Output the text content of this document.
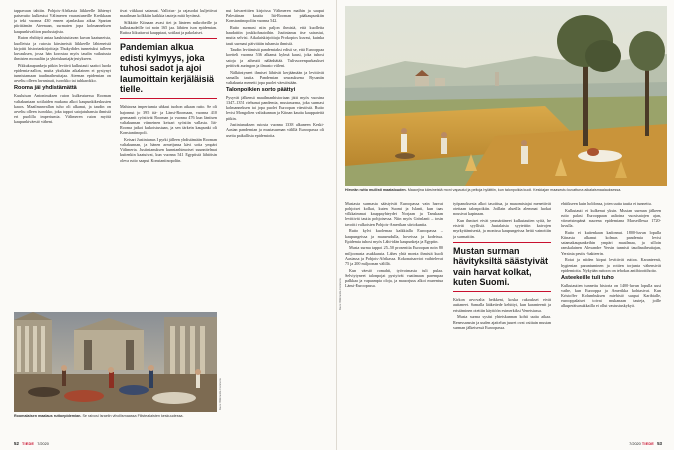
tappavaan tahtiin. Pohjois-Afrikasta liikkeelle lähtenyt paiserutto kulkeutui Välimeren vaurastuneille Kreikkaan ja teki vuonna 430 ennen ajanlaskua aikaa Spartan piirittämän Ateenaan, surmaten jopa kolmanneksen kaupunkivaltion puolustajista.

Ruton ehdittyä antaa kauhistuttavan kuvan kaatuneista, kuolleista ja rutosta kärsineistä liikkeelle lähteneistä kirjoitti historiankirjoittaja Thukydides tunnetuksi tulleen kuvauksen, jossa hän korostaa myös taudin vaikutusta ihmisten moraaliin ja yhteiskuntajärjestykseen.

Pikkukaupunkeja pitkin leviävä kulkutauti saattoi luoda epidemia-aallon, mutta yksikään aikalainen ei pystynyt tunnistamaan taudinaiheuttajaa. Ateenan epidemian on arveltu olleen lavantauti, isorokko tai tuhkarokko.

Rooma jäi yhdistämättä

Kuuluisan Antoninuksen ruton kulkeutuessa Rooman valtakuntaan sotilaiden mukana alkoi kaupunkikeskusten kaaos. Maailmanvallan tuho oli alkanut, ja taudin on arveltu olleen isorokko, joka tappoi satojatuhansia ihmisiä eri puolilla imperiumia. Välimeren ruton myötä kaupunkiväestö väheni.

tivat viikkaat satamat. Vallotus- ja rajasodat kuljettivat maailman kolkkiin kaikkia tauteja mitä hyvänsä.

Silkkitie Kiinaan avasi tiet ja länteen mikrobeille ja kulkutaudeille toi noin 165 jaa. lähtien ison epidemian. Ruttoa liikuttavat kauppiaat, sotilaat ja pakolaiset.

Pandemian alkua edisti kylmyys, joka tuhosi sadot ja ajoi laumoittain kerjäläisiä tielle.

Mahtavaa imperiumia uhkasi tuohon aikaan rutto. Se oli hajonnut jo 395 itä- ja Länsi-Roomaan, vuonna 410 germaanit ryöstivät Rooman ja vuonna 476 kun läntisen valtakunnan viimeinen keisari syöstiin vallasta. Itä-Rooma jatkoi kukoistustaan, ja sen tärkein kaupunki oli Konstantinopoli.

Keisari Justinianus I pyrki jälleen yhdistämään Rooman valtakunnan, ja hänen armeijansa kävi sotia ympäri Välimerta. Justinianuksen kunnianhimoiset suunnitelmat kuitenkin kaatuivat, kun vuonna 541 Egyptistä lähtöisin oleva rutto saapui Konstantinopoliin.

nut laivareittien kirjoissa Välimeren maihin ja saapui Palestiinan kautta Itä-Rooman pääkaupunkiin Konstantinopoliin vuonna 542.

Rutto surmasi niin paljon ihmisiä, että kuolleita haudattiin joukkohautoihin. Justinianus itse sairastui, mutta selvisi. Aikalaiskirjoittaja Prokopios kuvasi, kuinka tauti surmasi päivittäin tuhansia ihmisiä.

Taudin leviämistä pandemiaksi edisti se, että Eurooppaa koetteli vuonna 536 alkanut kylmä kausi, joka tuhosi satoja ja aiheutti nälänhätää. Tulivuorenpurkaukset peittivät auringon ja ilmasto viileni.

Nälkiintyneet ihmiset lähtivät kerjäämään ja levittivät samalla tautia. Pandemian seurauksena Bysantin valtakunta menetti jopa puolet väestöstään.

Talonpoikien sorto päättyi

Pysyvät jälkensä maailmanhistoriaan jätti myös vuosina 1347–1351 riehunut pandemia, mustasurma, joka surmasi kolmanneksen tai jopa puolet Euroopan väestöstä. Rutto levisi Mongolien valtakunnan ja Kiinan kautta kauppateitä pitkin.

Justinianuksen rutosta vuonna 1338 alkaneen Keski-Aasian pandemian ja mustasurman välillä Euroopassa oli useita paikallisia epidemioita.

Roomalaisen maalaus ruttoepidemian. Se raivosi Israelin vihollismaassa Filistealaisten keskuudessa.
Kuva: Wikimedia Commons
52 TIEDE 7/2020
Hirveän rutto mullisti maatalouden. Maaorjina kärsineistä moni vapautui ja peltoja hylättiin, kun talonpoikia kuoli. Keskiajan maaseutu kuvattuna aikalaismaalauksessa.
Kuva: Wikimedia Commons

Mustasta surmasta säästyivät Euroopassa vain harvat pohjoiset kolkat, kuten Suomi ja Islanti, kun taas vilkkaimmat kauppayhteydet Norjaan ja Tanskaan levittivät tautia pohjoisessa. Niin myös Grönlanti – tosin tavoitti valkoisten Pohjois-Amerikan siirtokuntia.

Rutto kylvi kuolemaa kaikkialla Euroopassa – kaupungeissa ja maaseudulla, hoveissa ja kodeissa. Epidemia tuhosi myös Lähi-idän kaupunkeja ja Egyptin.

Musta surma tappoi 25–50 prosenttia Euroopan noin 80 miljoonasta asukkaasta. Lähes yhtä monta ihmistä kuoli Aasiassa ja Pohjois-Afrikassa. Kokonaisarviot vaihtelevat 75 ja 200 miljoonan välillä.

Kun väestö romahti, työvoimasta tuli pulaa. Selviytyneet talonpojat pystyivät vaatimaan parempaa palkkaa ja vapaampia oloja, ja maaorjuus alkoi murentua Länsi-Euroopassa.

työpanoksesta alkoi tasoittua, ja maaomistajat menettivät otettaan talonpoikiin. Joillain alueilla alemmat luokat nousivat kapinaan.

Kun ihmiset eivät ymmärtäneet kulkutautien syitä, he etsivät syyllisiä. Juutalaisia syytettiin kaivojen myrkyttämisestä, ja monissa kaupungeissa heitä vainottiin ja surmattiin.

Mustan surman hävityksiltä säästyivät vain harvat kolkat, kuten Suomi.

Kirkon arvovalta heikkeni, koska rukoukset eivät auttaneet. Samalla lääketiede kehittyi, kun karanteenit ja eristäminen otettiin käyttöön esimerkiksi Venetsiassa.

Musta surma sysäsi yhteiskunnan kohti uutta aikaa. Renessanssin ja uuden ajattelun juuret ovat osittain mustan surman jälkeisessä Euroopassa.

ehtiikseen kuin holdonsa, joten uutta tautia ei tunnettu.

Kulkutauti ei kulkenut yksin. Mustan surman jälkeen rutto palasi Eurooppaan aaltoina vuosisatojen ajan, viimeisimpänä suurena epidemiana Marseillessa 1720-luvulla.

Rutto ei kuitenkaan kadonnut. 1800-luvun lopulla Kiinasta alkanut kolmas pandemia levisi satamakaupunkeihin ympäri maailmaa, ja silloin ranskalainen Alexandre Yersin tunnisti taudinaiheuttajan, Yersinia pestis -bakteerin.

Rotat ja niiden kirput levittivät ruttoa. Karanteenit, hygienian parantuminen ja rottien torjunta vähensivät epidemioita. Nykyään ruttoon on tehokas antibioottihoito.

Asteekeille tuli tuho

Kulkutautien tunnettu historia on 1400-luvun lopulla uusi vaihe, kun Eurooppa ja Amerikka kohtasivat. Kun Kristoffer Kolumbuksen miehistö saapui Karibialle, eurooppalaiset toivat mukanaan tauteja, joille alkuperäisasukkailla ei ollut vastustuskykyä.

7/2020 TIEDE 53
